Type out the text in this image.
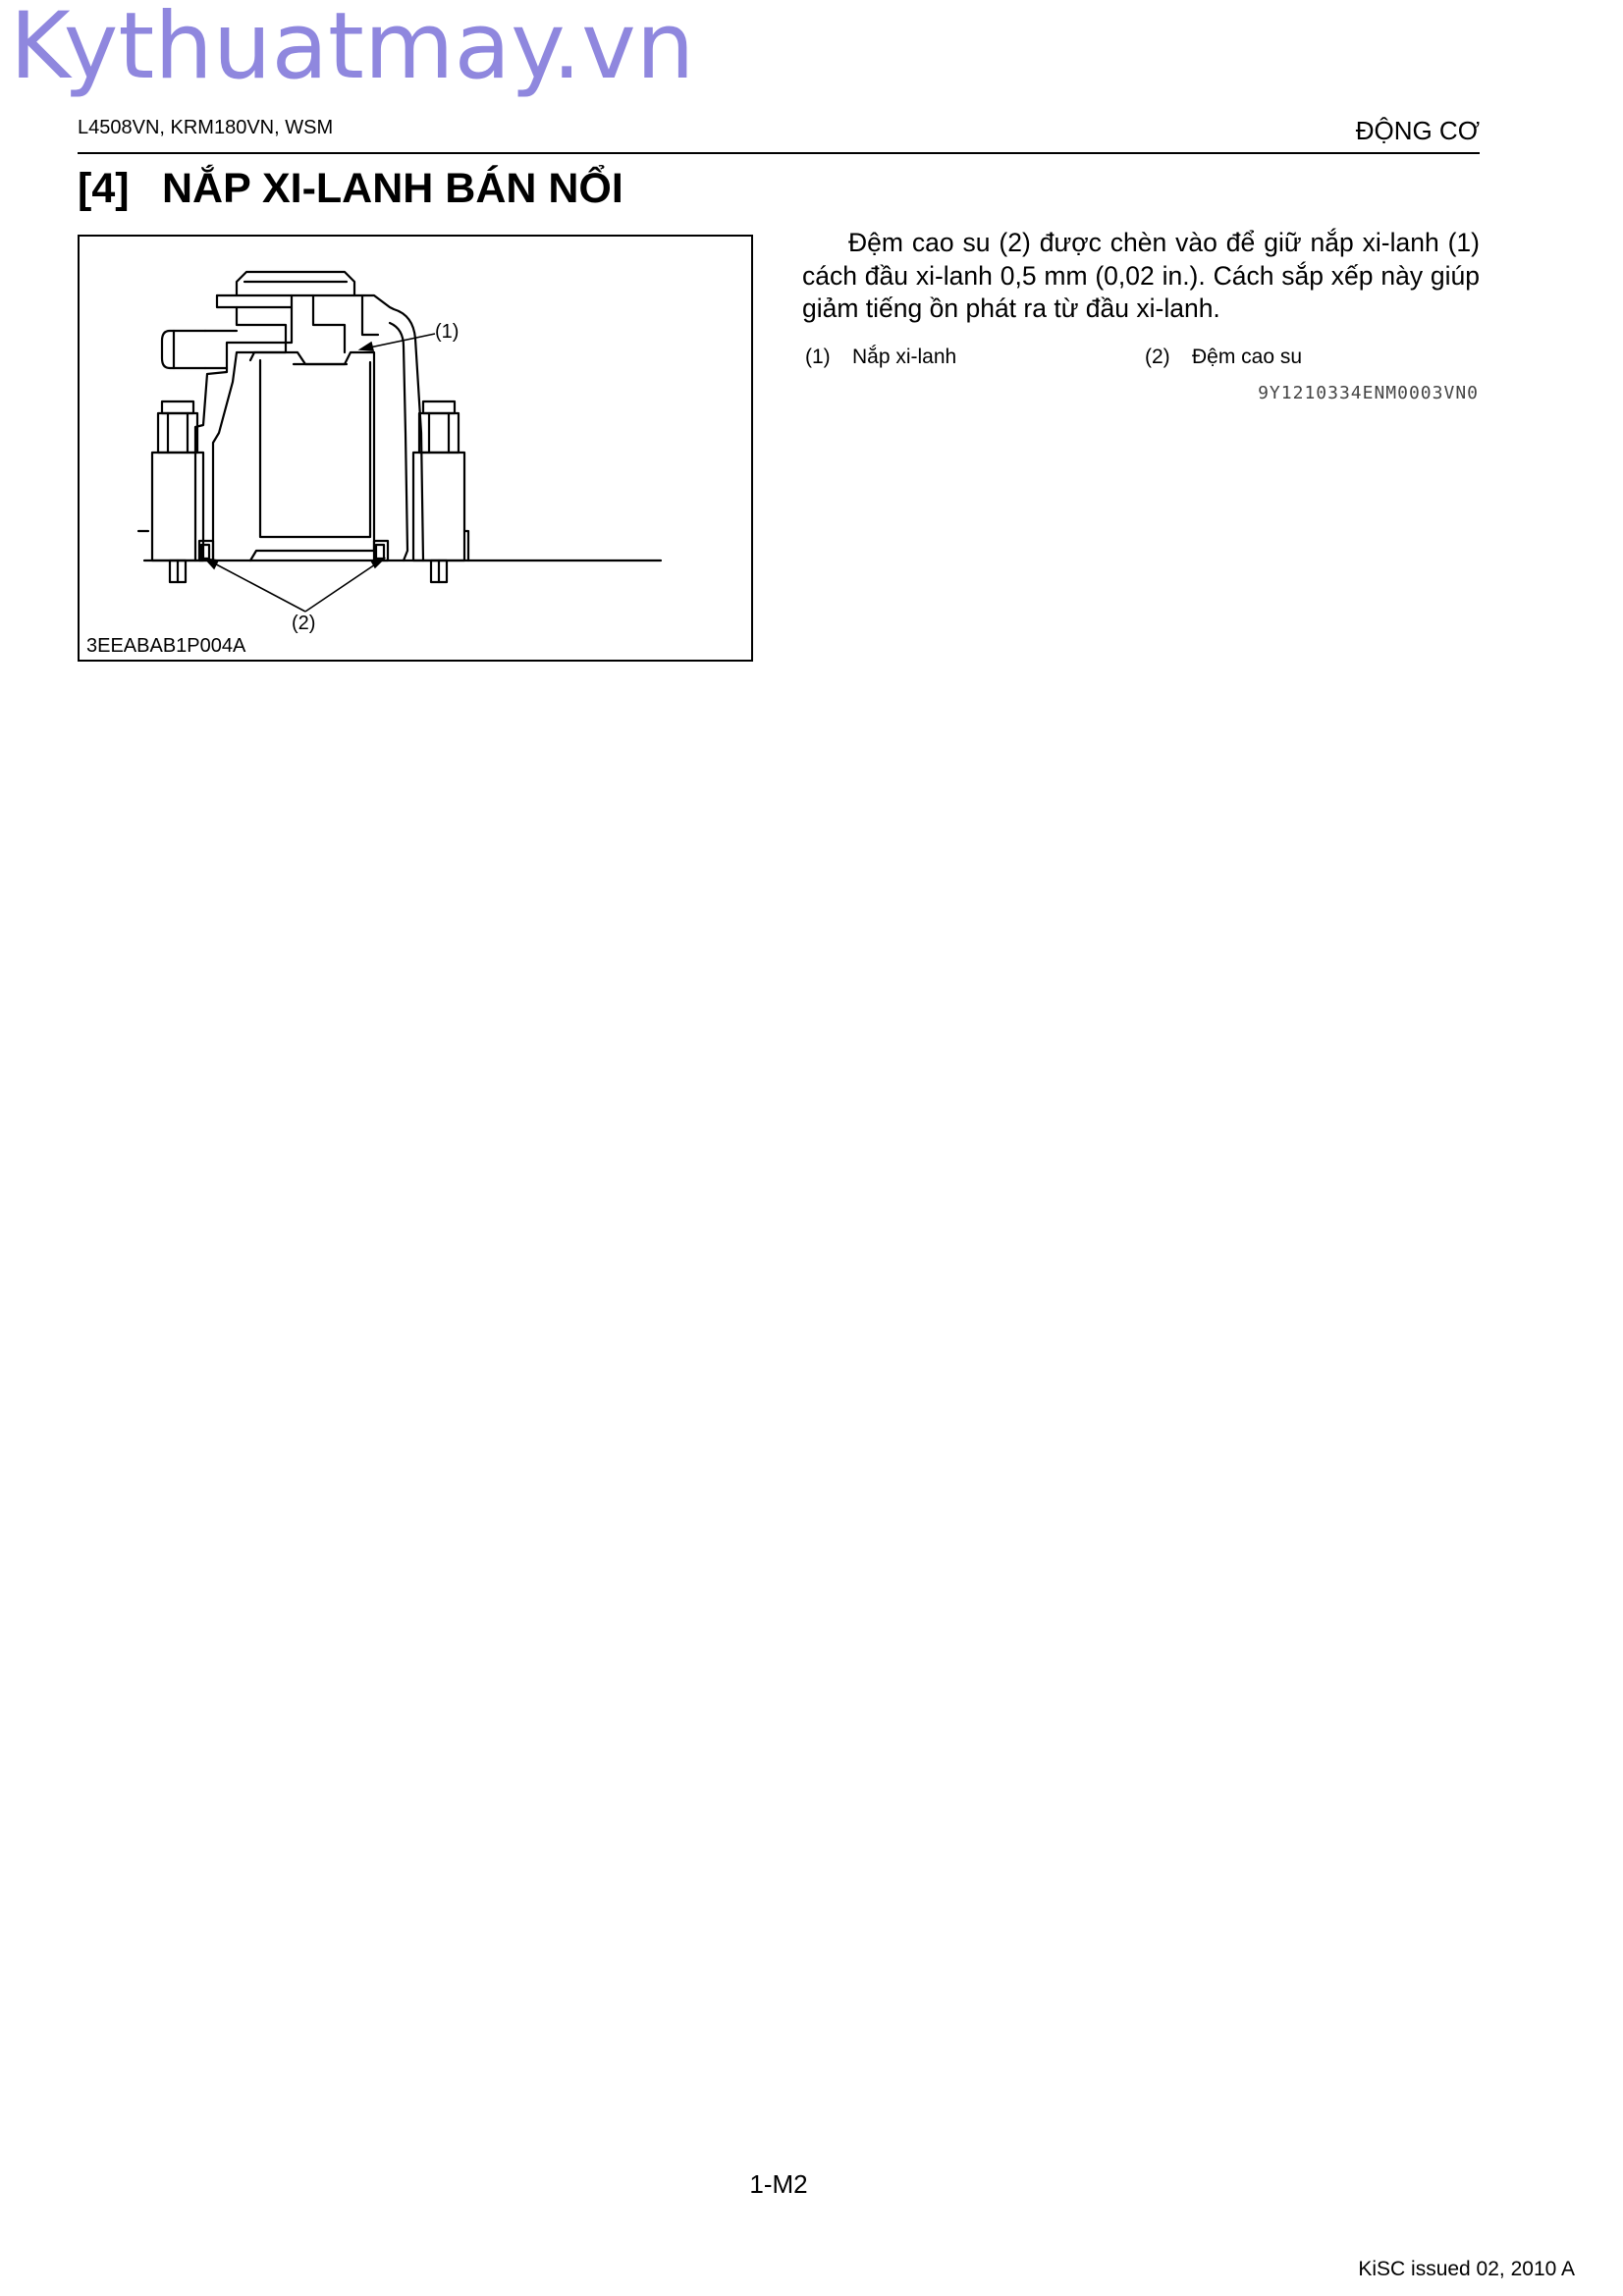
Kythuatmay.vn
L4508VN, KRM180VN, WSM	ĐỘNG CƠ
[4] NẮP XI-LANH BÁN NỔI
(1)
(2)
3EEABAB1P004A

Đệm cao su (2) được chèn vào để giữ nắp xi-lanh (1) cách đầu xi-lanh 0,5 mm (0,02 in.). Cách sắp xếp này giúp giảm tiếng ồn phát ra từ đầu xi-lanh.

(1) Nắp xi-lanh	(2) Đệm cao su
9Y1210334ENM0003VN0
1-M2
KiSC issued 02, 2010 A
